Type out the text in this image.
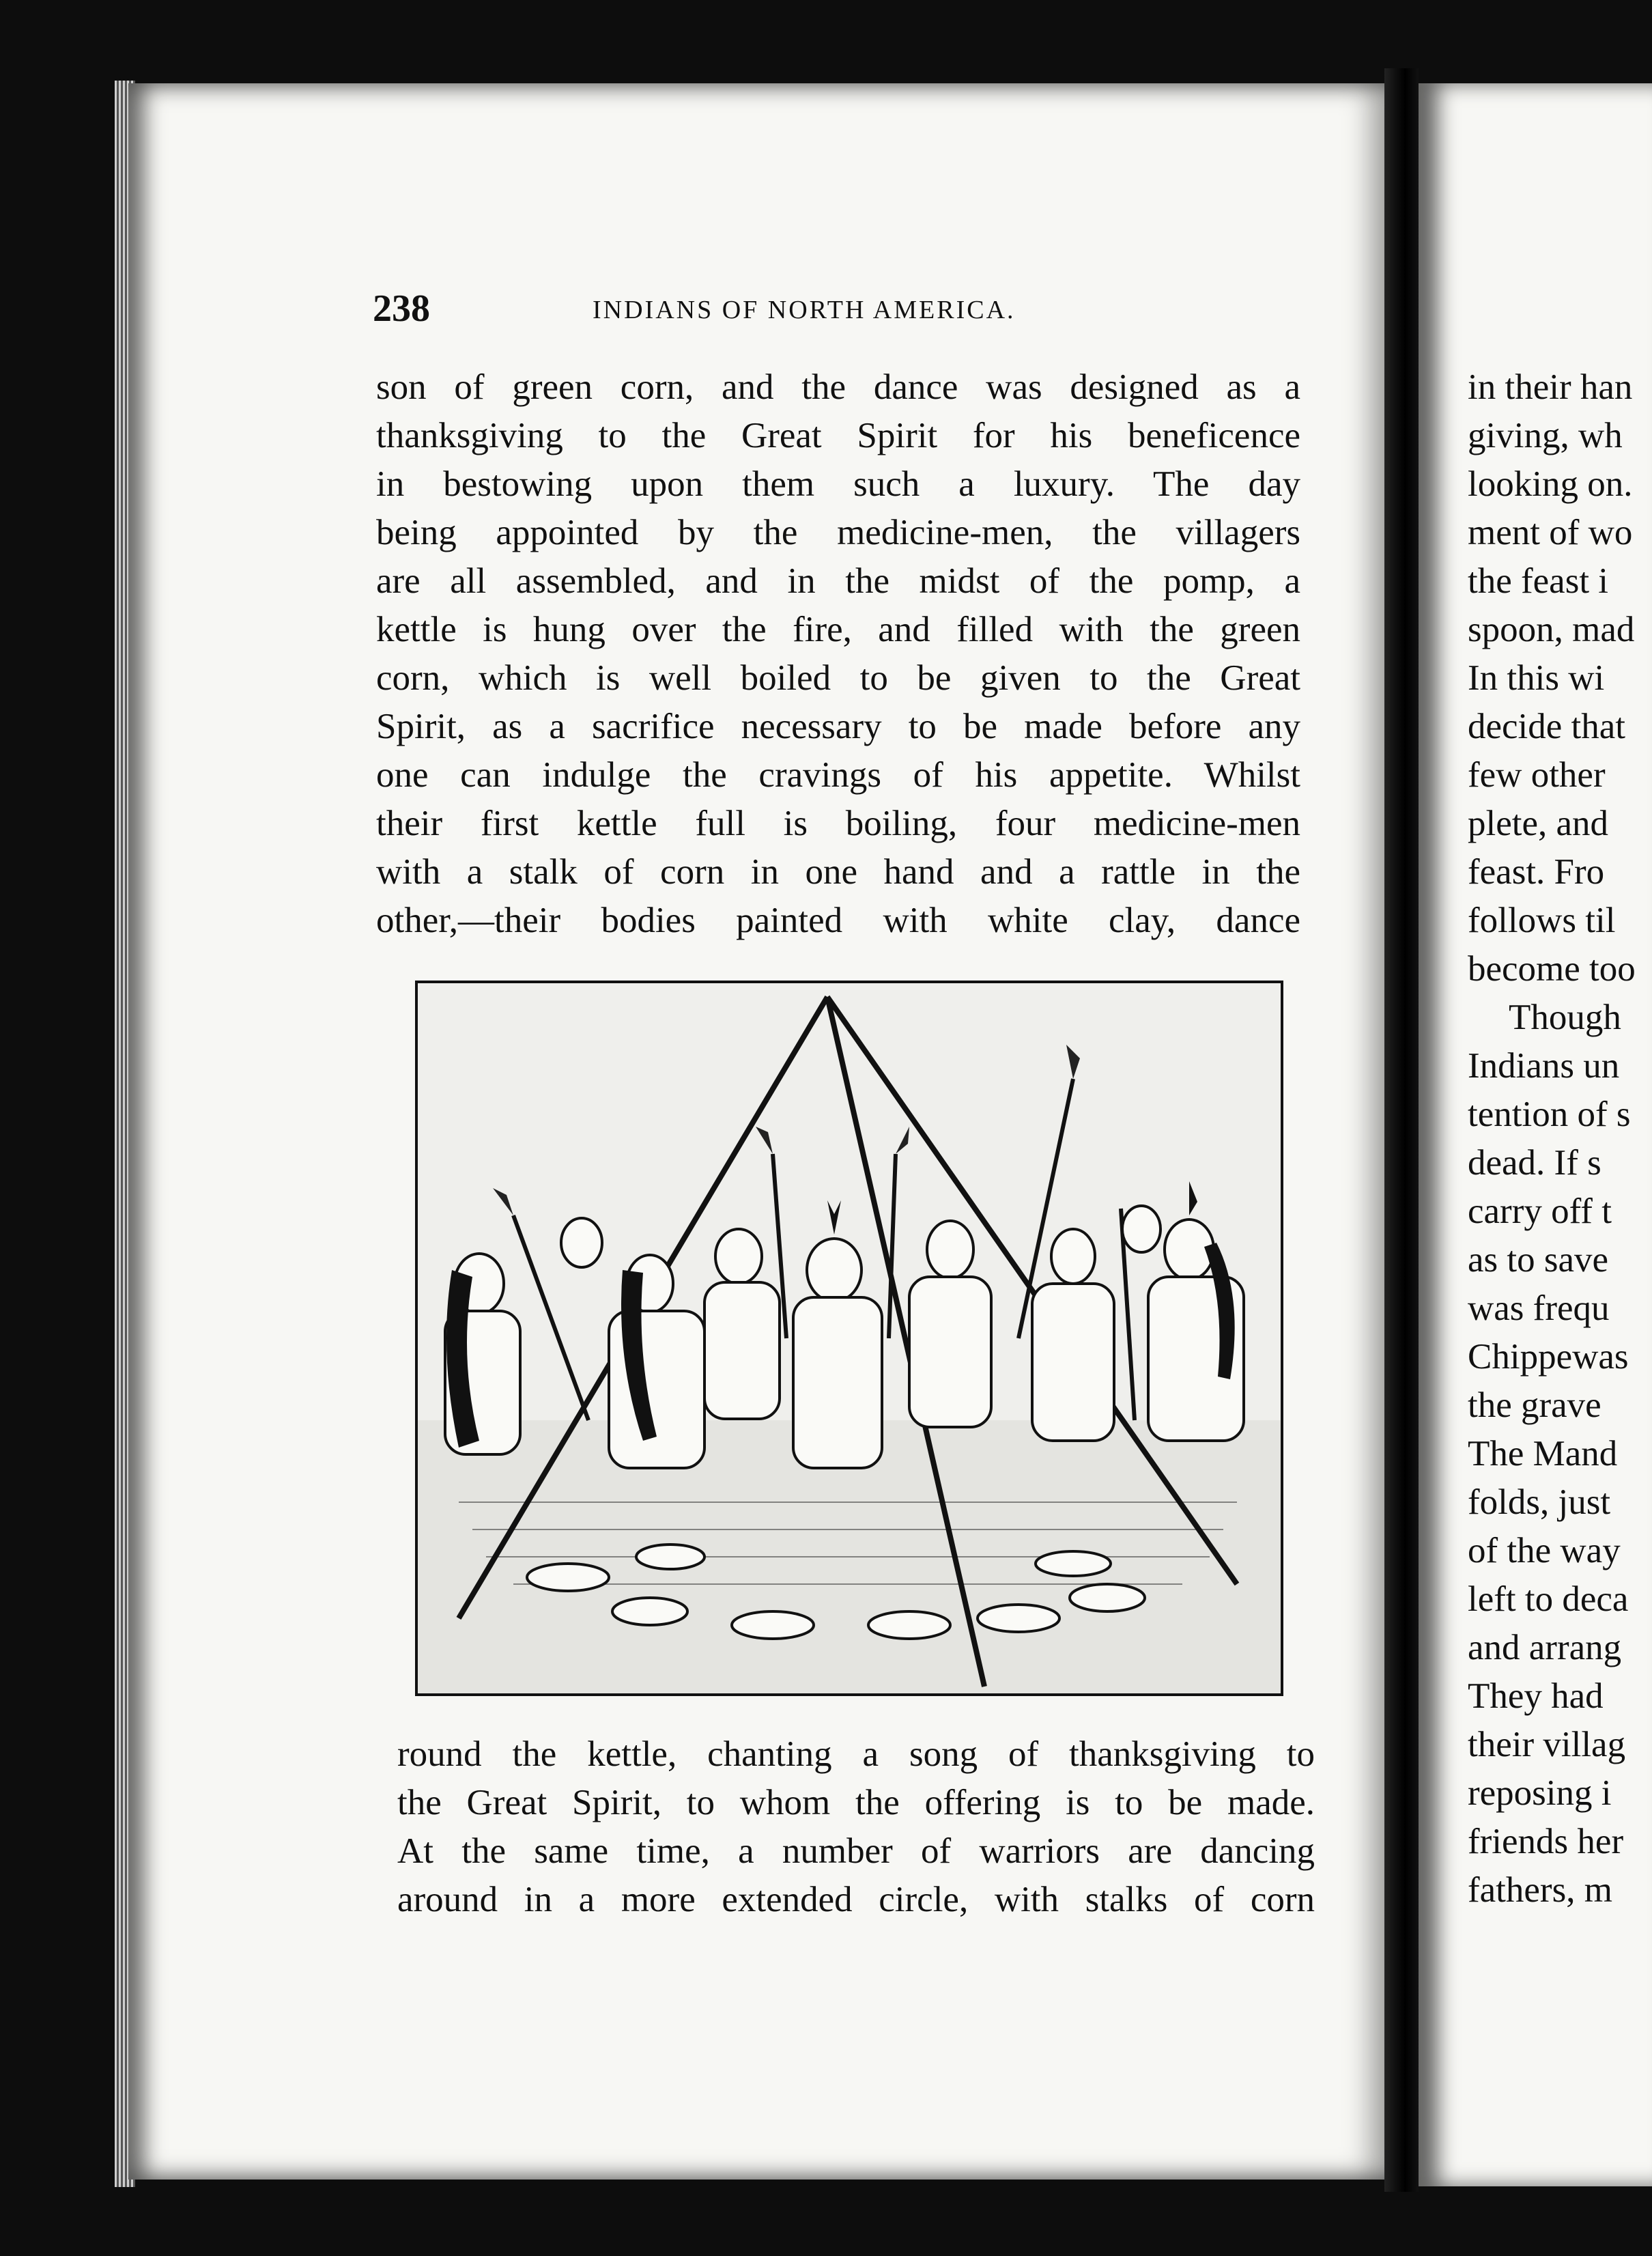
238	INDIANS OF NORTH AMERICA.
son of green corn, and the dance was designed as a
thanksgiving to the Great Spirit for his beneficence
in bestowing upon them such a luxury. The day
being appointed by the medicine-men, the villagers
are all assembled, and in the midst of the pomp, a
kettle is hung over the fire, and filled with the green
corn, which is well boiled to be given to the Great
Spirit, as a sacrifice necessary to be made before any
one can indulge the cravings of his appetite. Whilst
their first kettle full is boiling, four medicine-men
with a stalk of corn in one hand and a rattle in the
other,—their bodies painted with white clay, dance
round the kettle, chanting a song of thanksgiving to
the Great Spirit, to whom the offering is to be made.
At the same time, a number of warriors are dancing
around in a more extended circle, with stalks of corn
in their han
giving, wh
looking on.
ment of wo
the feast i
spoon, mad
In this wi
decide that
few other
plete, and
feast. Fro
follows til
become too
Though
Indians un
tention of s
dead. If s
carry off t
as to save
was frequ
Chippewas
the grave
The Mand
folds, just
of the way
left to deca
and arrang
They had
their villag
reposing i
friends her
fathers, m
